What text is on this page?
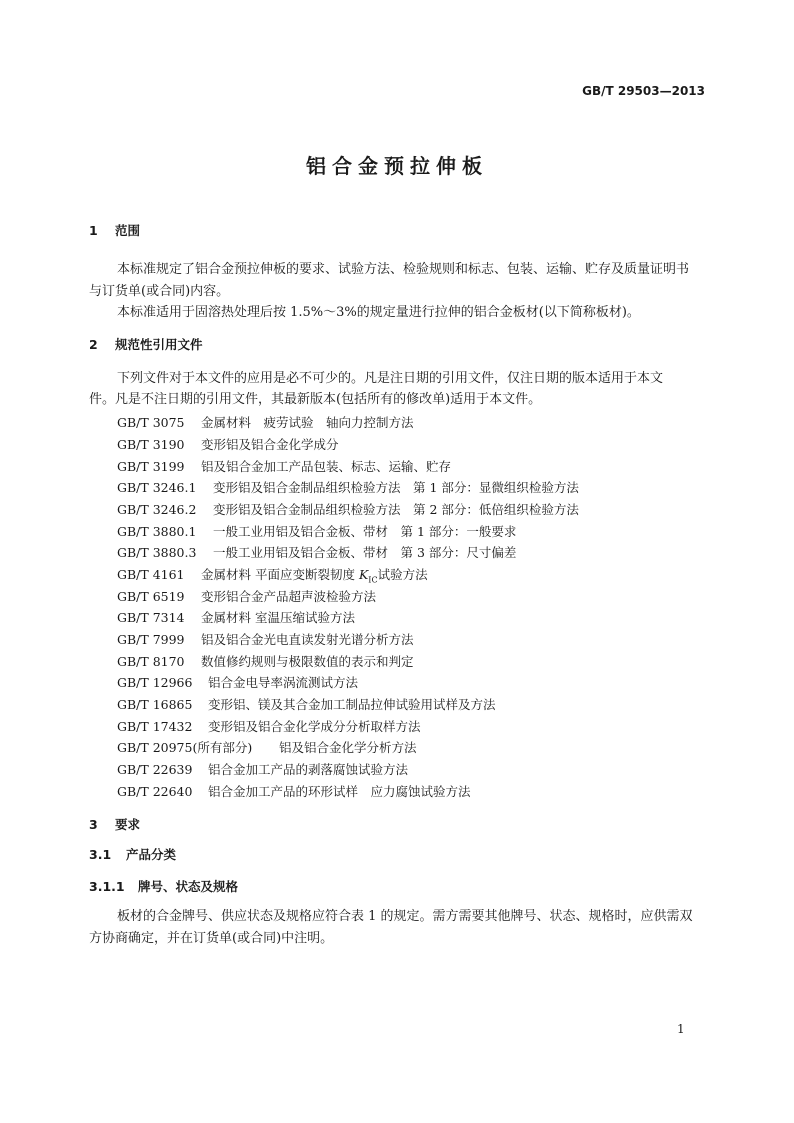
GB/T 29503—2013
铝合金预拉伸板
1 范围
本标准规定了铝合金预拉伸板的要求、试验方法、检验规则和标志、包装、运输、贮存及质量证明书
与订货单(或合同)内容。
本标准适用于固溶热处理后按 1.5%～3%的规定量进行拉伸的铝合金板材(以下简称板材)。
2 规范性引用文件
下列文件对于本文件的应用是必不可少的。凡是注日期的引用文件，仅注日期的版本适用于本文
件。凡是不注日期的引用文件，其最新版本(包括所有的修改单)适用于本文件。
GB/T 3075 金属材料　疲劳试验　轴向力控制方法
GB/T 3190 变形铝及铝合金化学成分
GB/T 3199 铝及铝合金加工产品包装、标志、运输、贮存
GB/T 3246.1 变形铝及铝合金制品组织检验方法　第 1 部分：显微组织检验方法
GB/T 3246.2 变形铝及铝合金制品组织检验方法　第 2 部分：低倍组织检验方法
GB/T 3880.1 一般工业用铝及铝合金板、带材　第 1 部分：一般要求
GB/T 3880.3 一般工业用铝及铝合金板、带材　第 3 部分：尺寸偏差
GB/T 4161 金属材料 平面应变断裂韧度 $K_{IC}$试验方法
GB/T 6519 变形铝合金产品超声波检验方法
GB/T 7314 金属材料 室温压缩试验方法
GB/T 7999 铝及铝合金光电直读发射光谱分析方法
GB/T 8170 数值修约规则与极限数值的表示和判定
GB/T 12966 铝合金电导率涡流测试方法
GB/T 16865 变形铝、镁及其合金加工制品拉伸试验用试样及方法
GB/T 17432 变形铝及铝合金化学成分分析取样方法
GB/T 20975(所有部分) 铝及铝合金化学分析方法
GB/T 22639 铝合金加工产品的剥落腐蚀试验方法
GB/T 22640 铝合金加工产品的环形试样　应力腐蚀试验方法
3 要求
3.1 产品分类
3.1.1 牌号、状态及规格
板材的合金牌号、供应状态及规格应符合表 1 的规定。需方需要其他牌号、状态、规格时，应供需双
方协商确定，并在订货单(或合同)中注明。
1
